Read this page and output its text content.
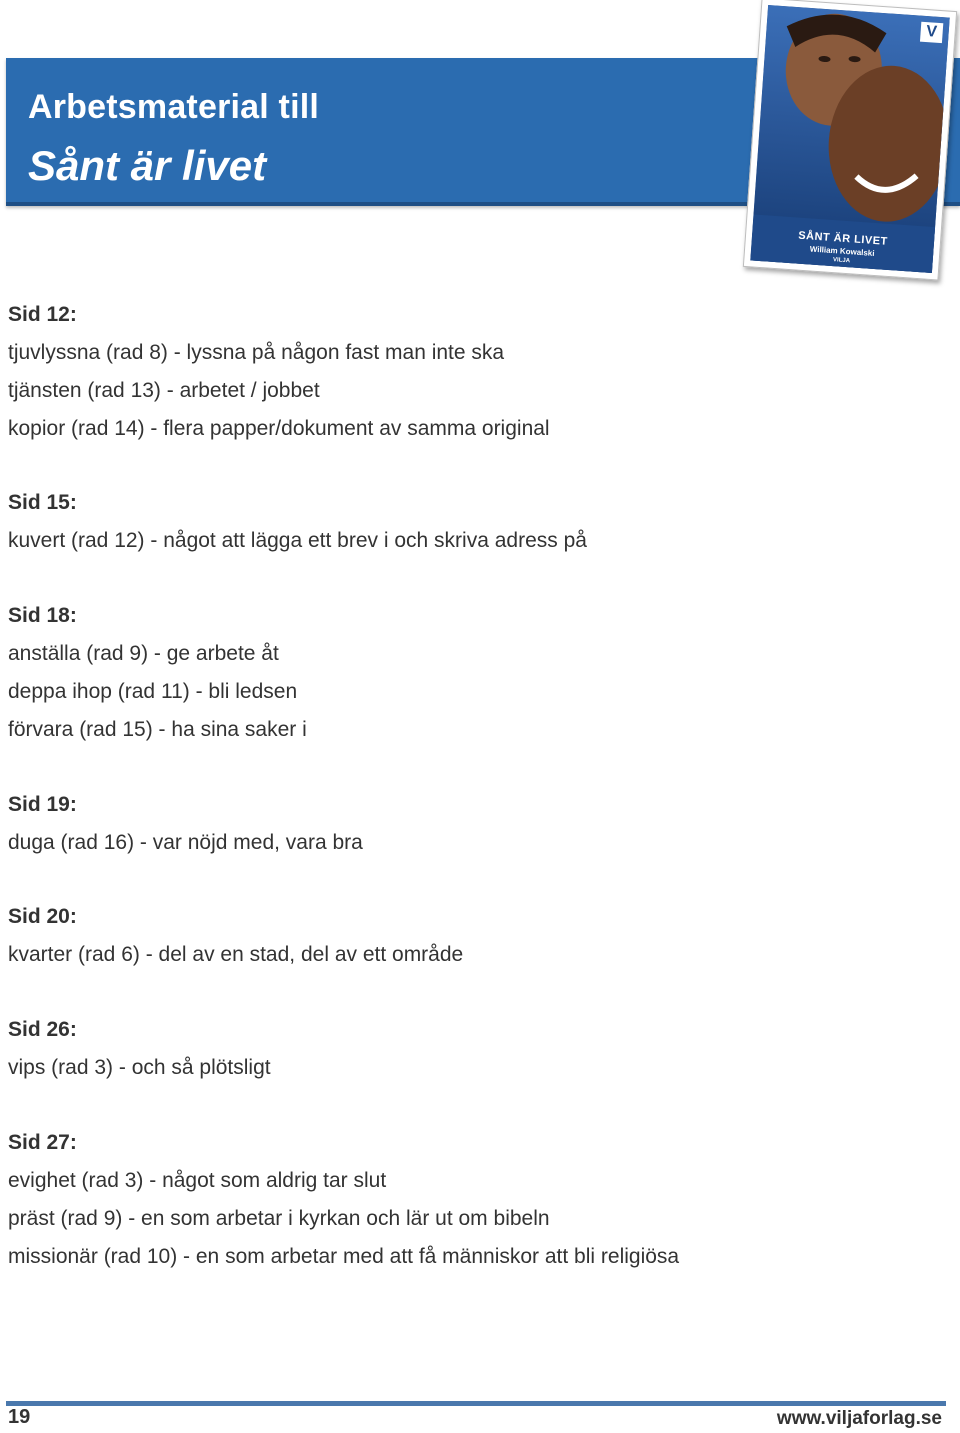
Arbetsmaterial till
Sånt är livet
V
SÅNT ÄR LIVET
William Kowalski
VILJA
Sid 12:
tjuvlyssna (rad 8) - lyssna på någon fast man inte ska
tjänsten (rad 13) - arbetet / jobbet
kopior (rad 14) - flera papper/dokument av samma original
Sid 15:
kuvert (rad 12) - något att lägga ett brev i och skriva adress på
Sid 18:
anställa (rad 9) - ge arbete åt
deppa ihop (rad 11) - bli ledsen
förvara (rad 15) - ha sina saker i
Sid 19:
duga (rad 16) - var nöjd med, vara bra
Sid 20:
kvarter (rad 6) - del av en stad, del av ett område
Sid 26:
vips (rad 3) - och så plötsligt
Sid 27:
evighet (rad 3) - något som aldrig tar slut
präst (rad 9) - en som arbetar i kyrkan och lär ut om bibeln
missionär (rad 10) - en som arbetar med att få människor att bli religiösa
19	www.viljaforlag.se
